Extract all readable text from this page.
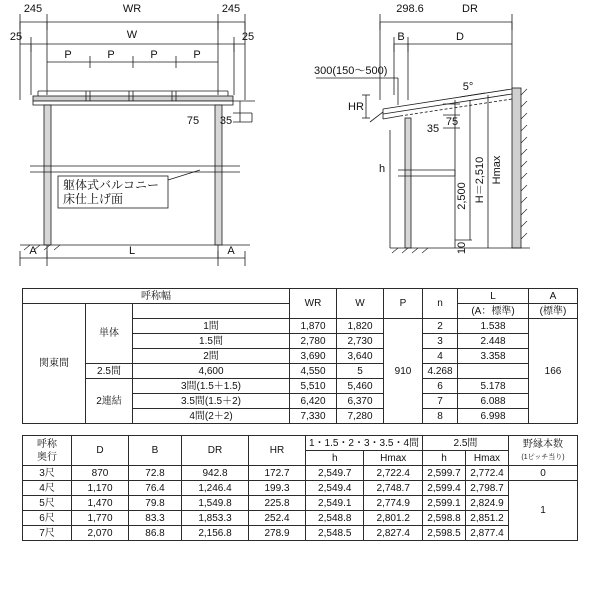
245	WR	245
25	W	25
P	P	P	P
75 35
躯体式バルコニー
床仕上げ面
A	L	A
298.6	DR
B	D
300(150〜500)
5°
HR
35
75
h
2,500 H＝2,510 Hmax
10
呼称幅			WR	W	P	n	L	A
関東間	単体						(A：標準)	(標準)
		1間	1,870	1,820	910	2	1.538	166
		1.5間	2,780	2,730		3	2.448	
		2間	3,690	3,640		4	3.358	
	2.5間	4,600	4,550	5		4.268		
	2連結	3間(1.5＋1.5)	5,510	5,460		6	5.178	
		3.5間(1.5＋2)	6,420	6,370		7	6.088	
		4間(2＋2)	7,330	7,280		8	6.998	
呼称
奥行
	D	B	DR	HR	1・1.5・2・3・3.5・4間	2.5間	野縁本数
(1ピッチ当り)

					h	Hmax	h	Hmax	
3尺	870	72.8	942.8	172.7	2,549.7	2,722.4	2,599.7	2,772.4	0
4尺	1,170	76.4	1,246.4	199.3	2,549.4	2,748.7	2,599.4	2,798.7	1
5尺	1,470	79.8	1,549.8	225.8	2,549.1	2,774.9	2,599.1	2,824.9	
6尺	1,770	83.3	1,853.3	252.4	2,548.8	2,801.2	2,598.8	2,851.2	
7尺	2,070	86.8	2,156.8	278.9	2,548.5	2,827.4	2,598.5	2,877.4	
